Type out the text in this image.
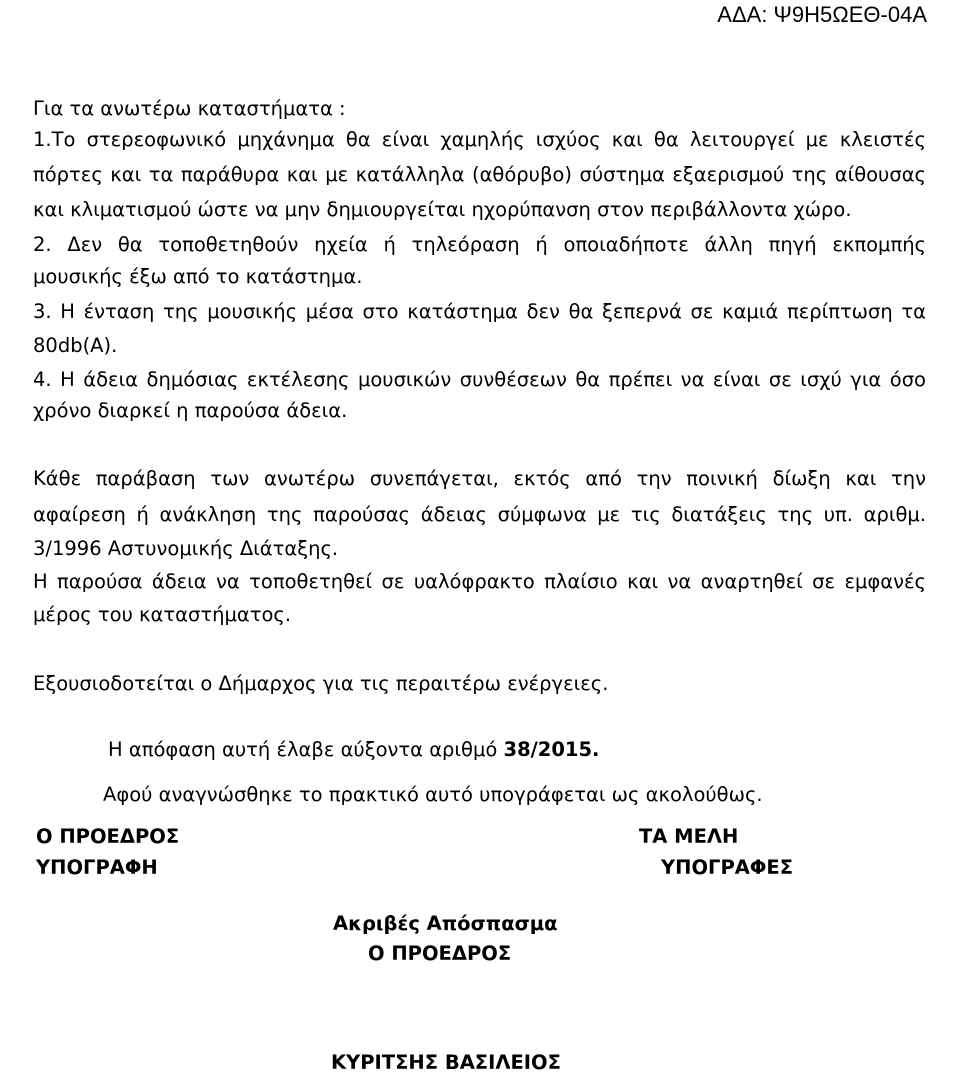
ΑΔΑ: Ψ9Η5ΩΕΘ-04Α
Για τα ανωτέρω καταστήματα :
1.Το στερεοφωνικό μηχάνημα θα είναι χαμηλής ισχύος και θα λειτουργεί με κλειστές
πόρτες και τα παράθυρα και με κατάλληλα (αθόρυβο) σύστημα εξαερισμού της αίθουσας
και κλιματισμού ώστε να μην δημιουργείται ηχορύπανση στον περιβάλλοντα χώρο.
2. Δεν θα τοποθετηθούν ηχεία ή τηλεόραση ή οποιαδήποτε άλλη πηγή εκπομπής
μουσικής έξω από το κατάστημα.
3. Η ένταση της μουσικής μέσα στο κατάστημα δεν θα ξεπερνά σε καμιά περίπτωση τα
80db(A).
4. Η άδεια δημόσιας εκτέλεσης μουσικών συνθέσεων θα πρέπει να είναι σε ισχύ για όσο
χρόνο διαρκεί η παρούσα άδεια.
Κάθε παράβαση των ανωτέρω συνεπάγεται, εκτός από την ποινική δίωξη και την
αφαίρεση ή ανάκληση της παρούσας άδειας σύμφωνα με τις διατάξεις της υπ. αριθμ.
3/1996 Αστυνομικής Διάταξης.
Η παρούσα άδεια να τοποθετηθεί σε υαλόφρακτο πλαίσιο και να αναρτηθεί σε εμφανές
μέρος του καταστήματος.
Εξουσιοδοτείται ο Δήμαρχος για τις περαιτέρω ενέργειες.
Η απόφαση αυτή έλαβε αύξοντα αριθμό 38/2015.
Αφού αναγνώσθηκε το πρακτικό αυτό υπογράφεται ως ακολούθως.
Ο ΠΡΟΕΔΡΟΣ
ΥΠΟΓΡΑΦΗ
ΤΑ ΜΕΛΗ
ΥΠΟΓΡΑΦΕΣ
Ακριβές Απόσπασμα
Ο ΠΡΟΕΔΡΟΣ
ΚΥΡΙΤΣΗΣ ΒΑΣΙΛΕΙΟΣ
